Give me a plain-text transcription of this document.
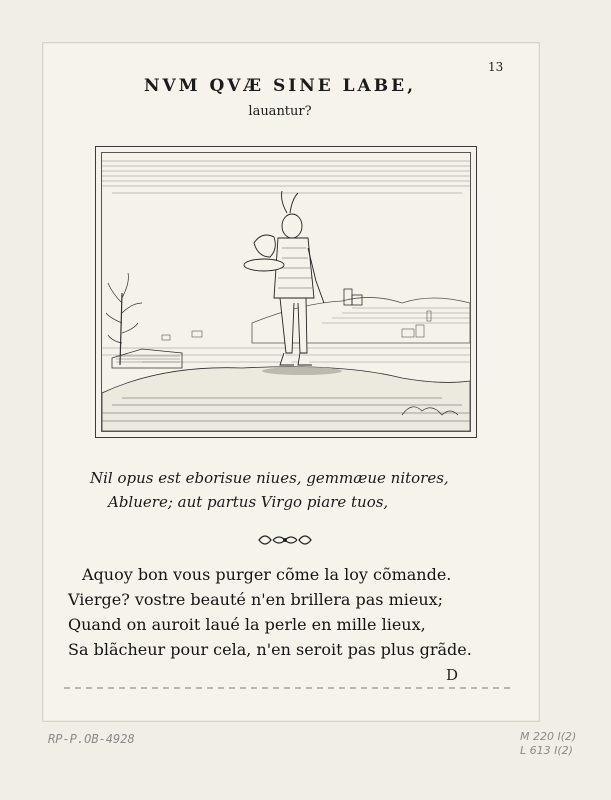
13
NVM QVÆ SINE LABE,
lauantur?
Nil opus est eborisue niues, gemmæue nitores,
Abluere; aut partus Virgo piare tuos,
Aquoy bon vous purger cõme la loy cõmande.
Vierge? vostre beauté n'en brillera pas mieux;
Quand on auroit laué la perle en mille lieux,
Sa blãcheur pour cela, n'en seroit pas plus grãde.
D
RP-P.OB-4928	M 220 I(2)
L 613 I(2)
